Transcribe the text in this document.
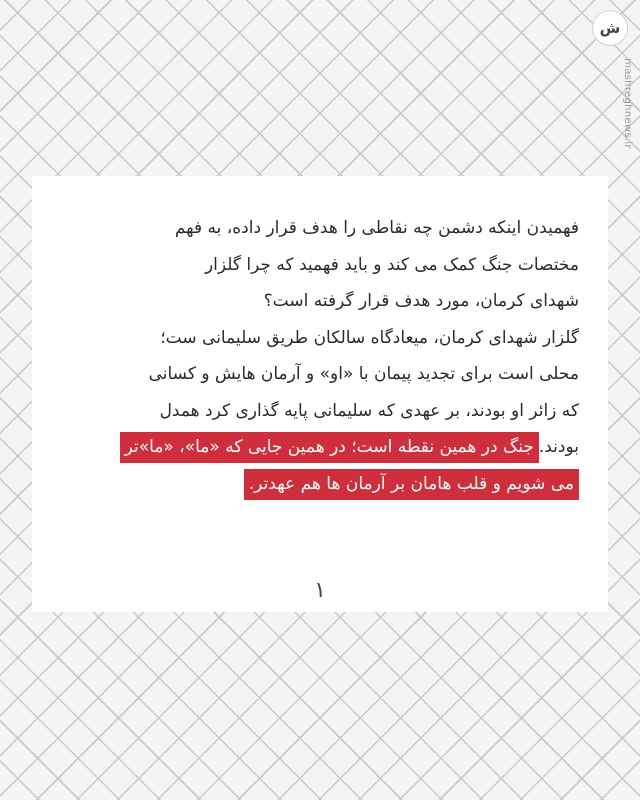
ش
mashreghnews.ir
فهمیدن اینکه دشمن چه نقاطی را هدف قرار داده، به فهم
مختصات جنگ کمک می کند و باید فهمید که چرا گلزار
شهدای کرمان، مورد هدف قرار گرفته است؟
گلزار شهدای کرمان، میعادگاه سالکان طریق سلیمانی ست؛
محلی است برای تجدید پیمان با «او» و آرمان هایش و کسانی
که زائر او بودند، بر عهدی که سلیمانی پایه گذاری کرد همدل
بودند.جنگ در همین نقطه است؛ در همین جایی که «ما»، «ما»تر
می شویم و قلب هامان بر آرمان ها هم عهدتر.
۱
